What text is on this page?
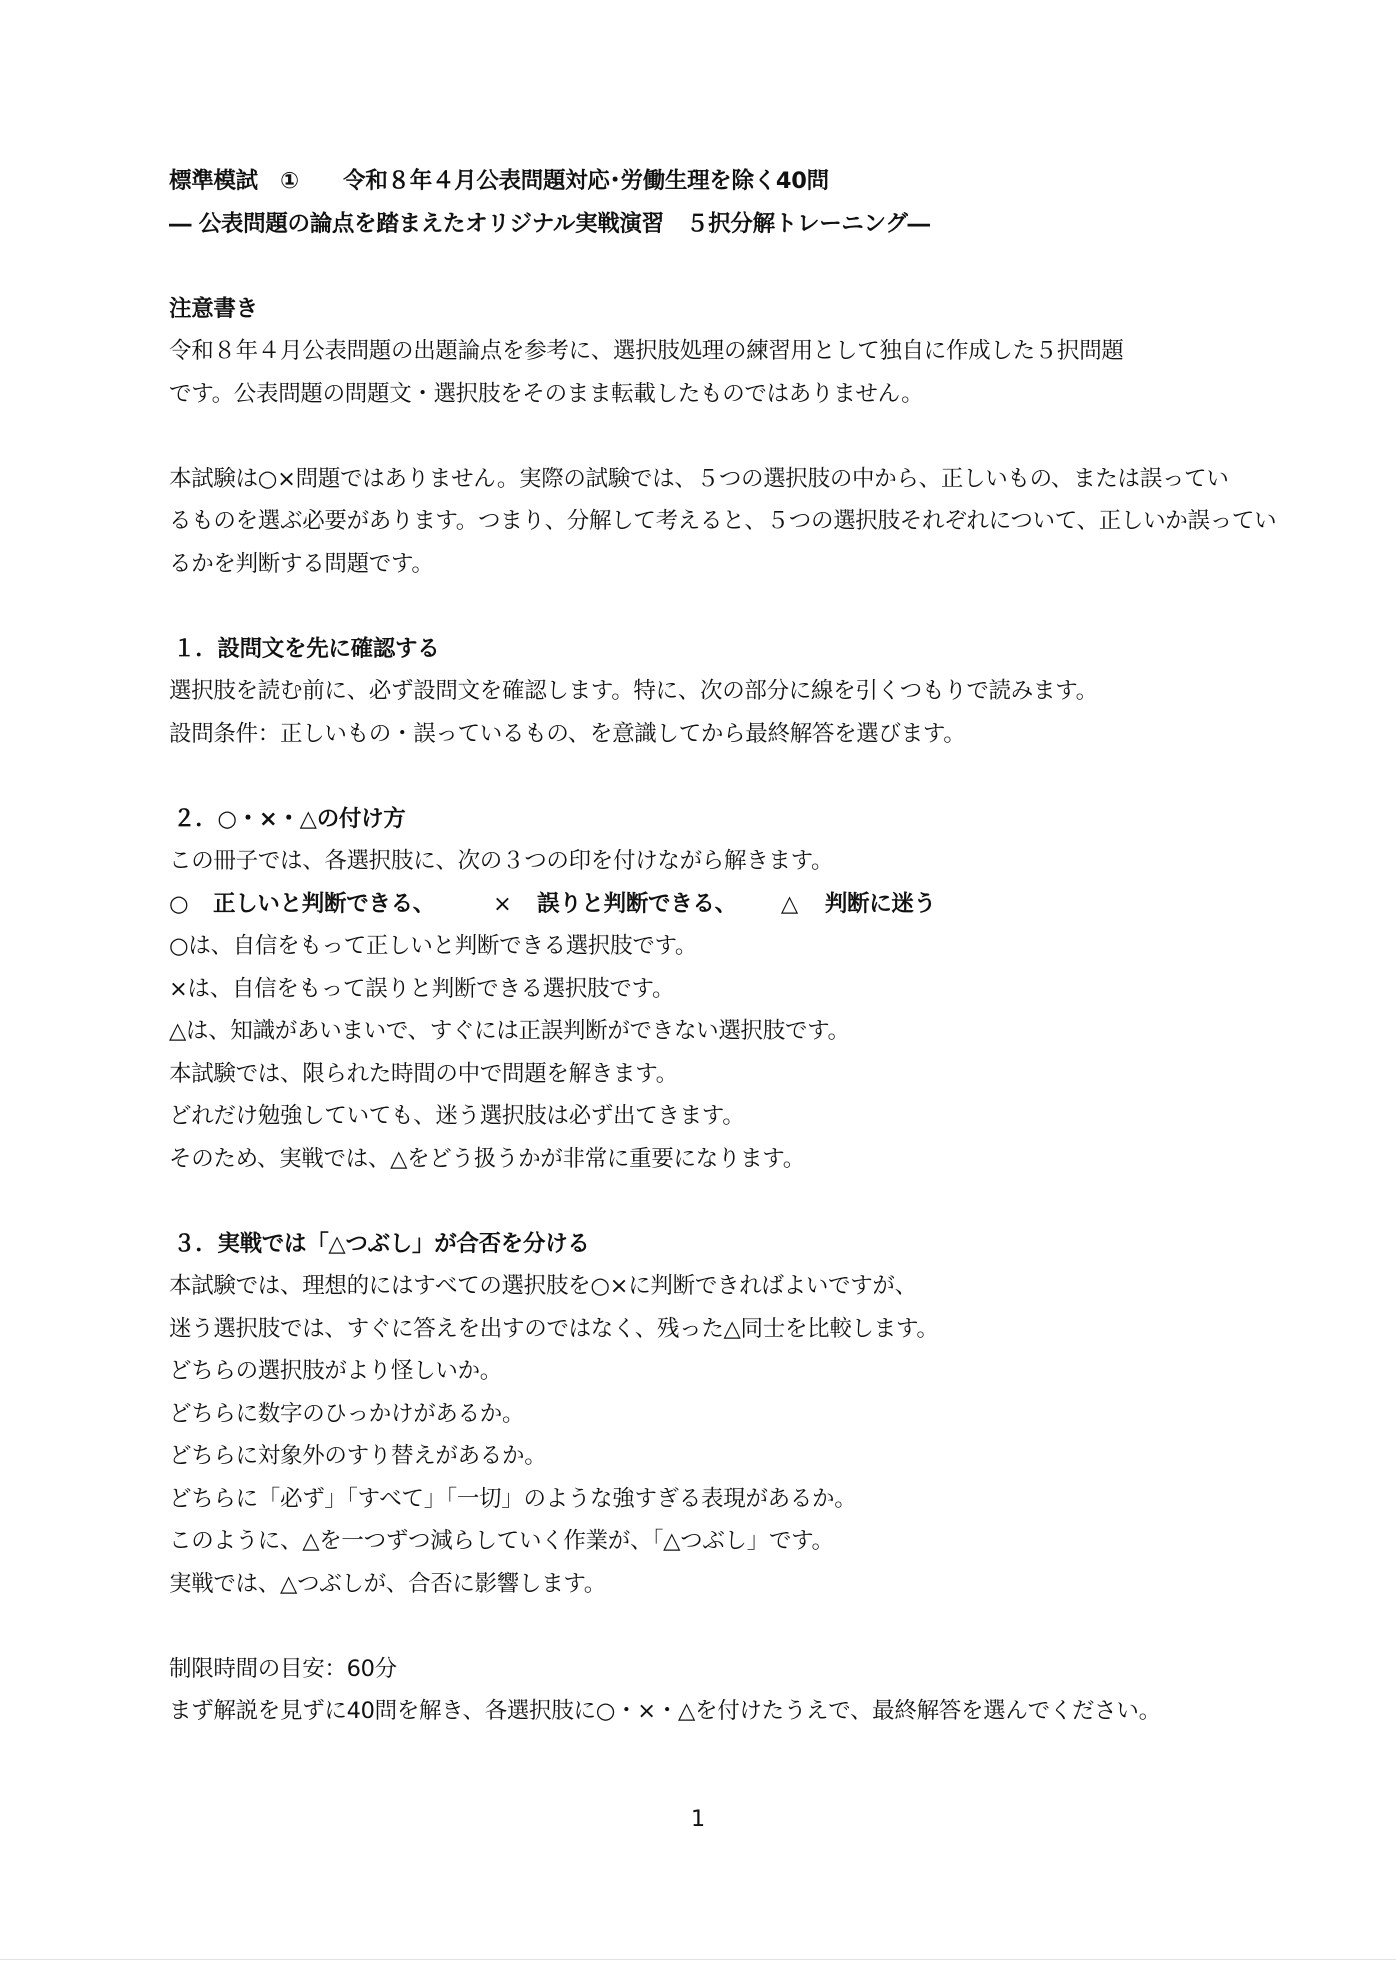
標準模試　①　　令和８年４月公表問題対応･労働生理を除く40問
― 公表問題の論点を踏まえたオリジナル実戦演習　５択分解トレーニング―
注意書き
令和８年４月公表問題の出題論点を参考に、選択肢処理の練習用として独自に作成した５択問題
です。公表問題の問題文・選択肢をそのまま転載したものではありません。
本試験は○×問題ではありません。実際の試験では、５つの選択肢の中から、正しいもの、または誤ってい
るものを選ぶ必要があります。つまり、分解して考えると、５つの選択肢それぞれについて、正しいか誤ってい
るかを判断する問題です。
１．設問文を先に確認する
選択肢を読む前に、必ず設問文を確認します。特に、次の部分に線を引くつもりで読みます。
設問条件：正しいもの・誤っているもの、を意識してから最終解答を選びます。
２．○・×・△の付け方
この冊子では、各選択肢に、次の３つの印を付けながら解きます。
○	正しいと判断できる、	×	誤りと判断できる、 △	判断に迷う
○は、自信をもって正しいと判断できる選択肢です。
×は、自信をもって誤りと判断できる選択肢です。
△は、知識があいまいで、すぐには正誤判断ができない選択肢です。
本試験では、限られた時間の中で問題を解きます。
どれだけ勉強していても、迷う選択肢は必ず出てきます。
そのため、実戦では、△をどう扱うかが非常に重要になります。
３．実戦では「△つぶし」が合否を分ける
本試験では、理想的にはすべての選択肢を○×に判断できればよいですが、
迷う選択肢では、すぐに答えを出すのではなく、残った△同士を比較します。
どちらの選択肢がより怪しいか。
どちらに数字のひっかけがあるか。
どちらに対象外のすり替えがあるか。
どちらに「必ず」「すべて」「一切」のような強すぎる表現があるか。
このように、△を一つずつ減らしていく作業が、「△つぶし」です。
実戦では、△つぶしが、合否に影響します。
制限時間の目安：60分
まず解説を見ずに40問を解き、各選択肢に○・×・△を付けたうえで、最終解答を選んでください。
1
